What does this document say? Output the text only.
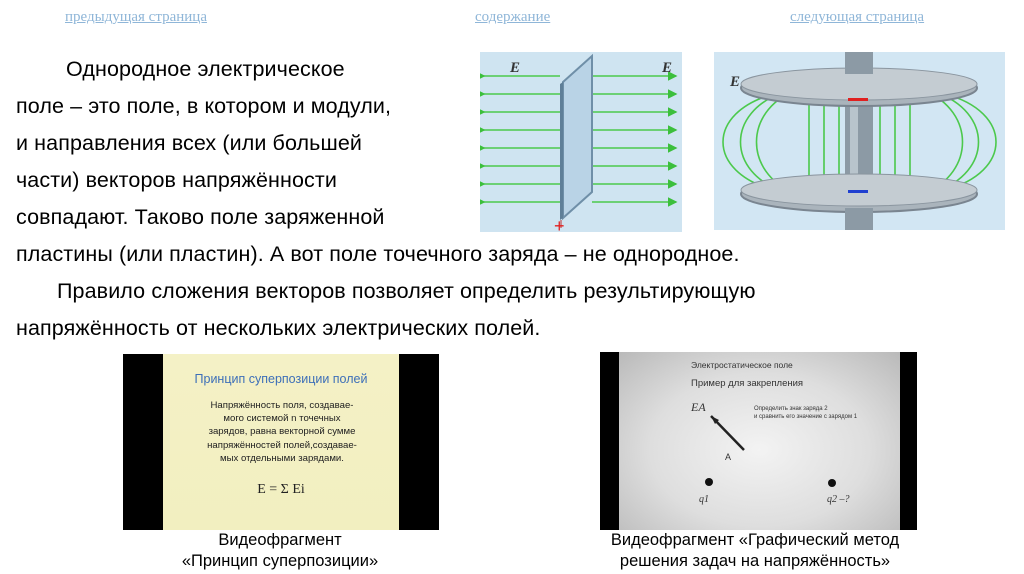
предыдущая страница	содержание	следующая страница
Однородное электрическое
поле – это поле, в котором и модули,
и направления всех (или большей
части) векторов напряжённости
совпадают. Таково поле заряженной
пластины (или пластин). А вот поле точечного заряда – не однородное.
Правило сложения векторов позволяет определить результирующую
напряжённость от нескольких электрических полей.
E	E
+
E
Принцип суперпозиции полей
Напряжённость поля, создавае-
мого системой n точечных
зарядов, равна векторной сумме
напряжённостей полей,создавае-
мых отдельными зарядами.
E = Σ Ei
Электростатическое поле
Пример для закрепления
EA	Определить знак заряда 2
и сравнить его значение с зарядом 1
A
q1	q2 –?
Видеофрагмент
«Принцип суперпозиции»
Видеофрагмент «Графический метод
решения задач на напряжённость»
